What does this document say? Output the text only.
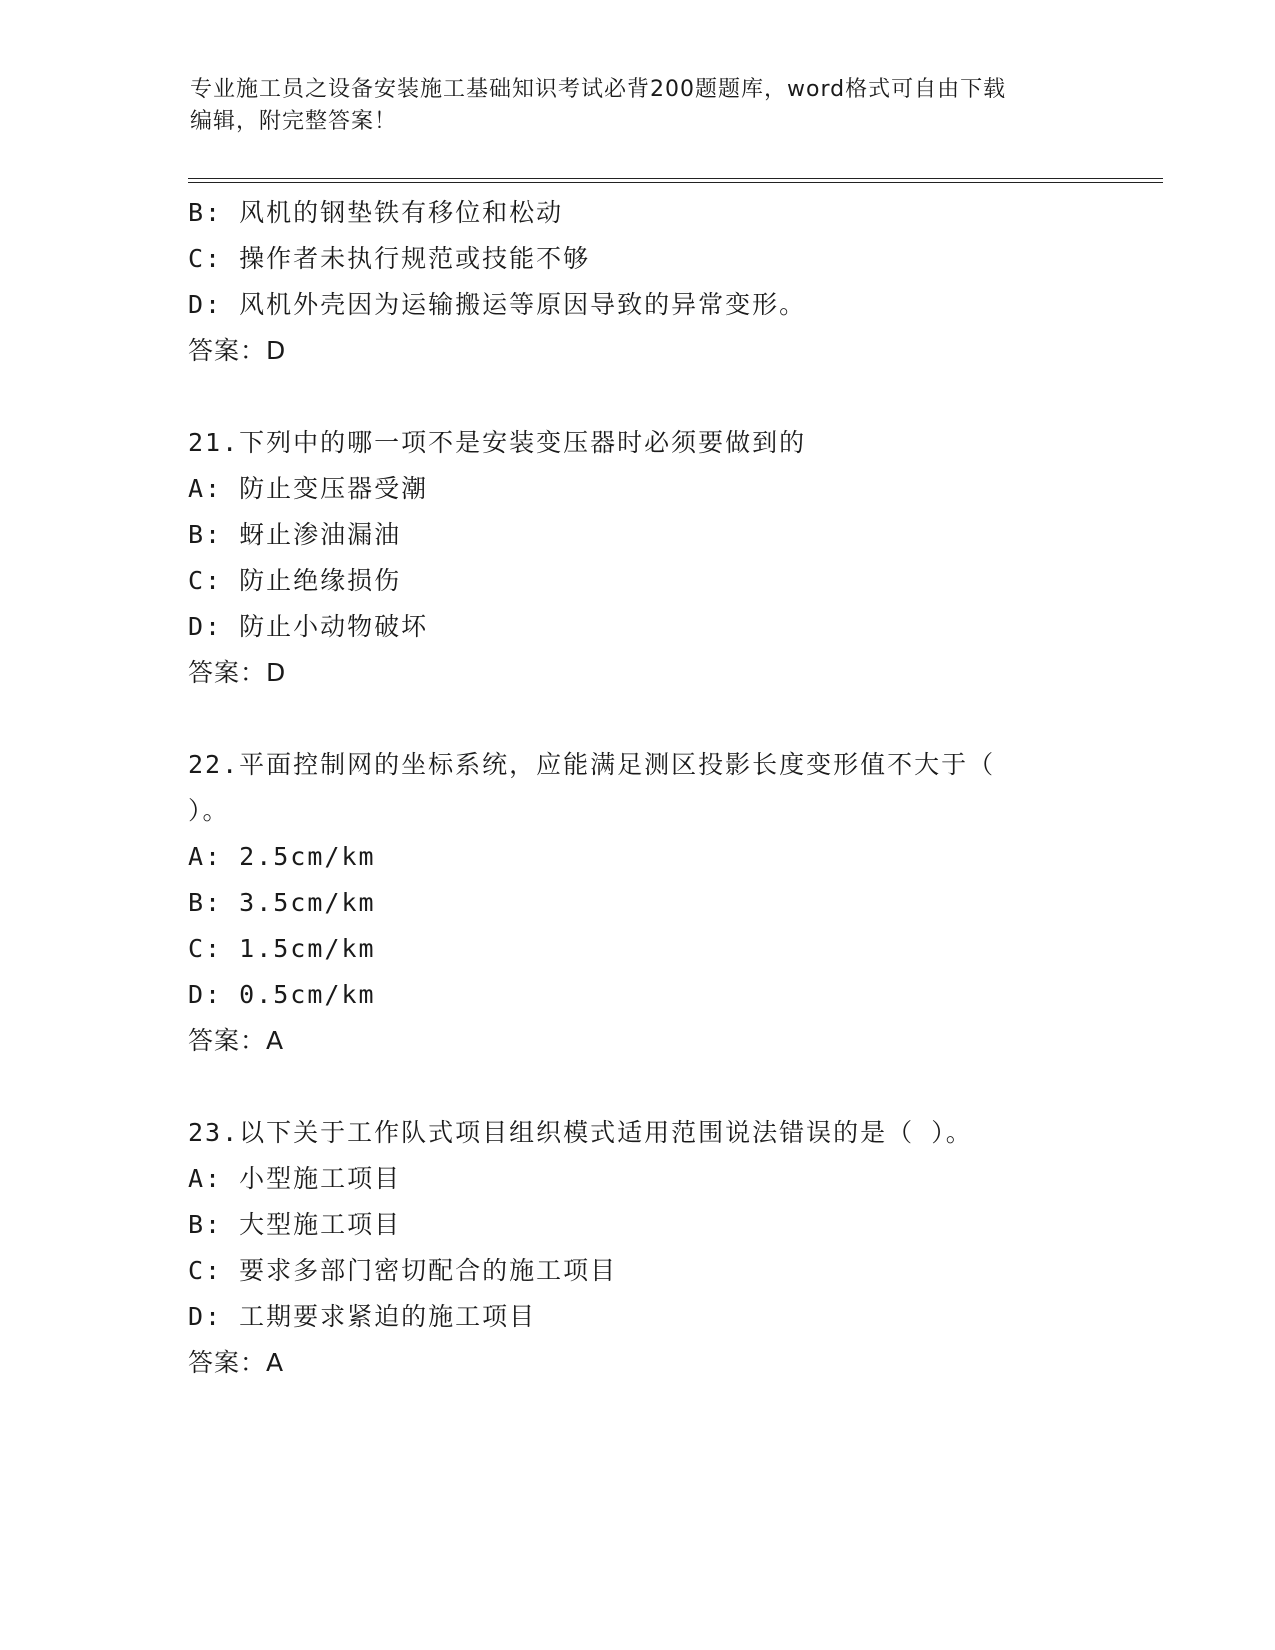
专业施工员之设备安装施工基础知识考试必背200题题库，word格式可自由下载
编辑，附完整答案！
B: 风机的钢垫铁有移位和松动
C: 操作者未执行规范或技能不够
D: 风机外壳因为运输搬运等原因导致的异常变形。
答案：D
21.下列中的哪一项不是安装变压器时必须要做到的
A: 防止变压器受潮
B: 蚜止渗油漏油
C: 防止绝缘损伤
D: 防止小动物破坏
答案：D
22.平面控制网的坐标系统，应能满足测区投影长度变形值不大于（
）。
A: 2.5cm/km
B: 3.5cm/km
C: 1.5cm/km
D: 0.5cm/km
答案：A
23.以下关于工作队式项目组织模式适用范围说法错误的是（ ）。
A: 小型施工项目
B: 大型施工项目
C: 要求多部门密切配合的施工项目
D: 工期要求紧迫的施工项目
答案：A
